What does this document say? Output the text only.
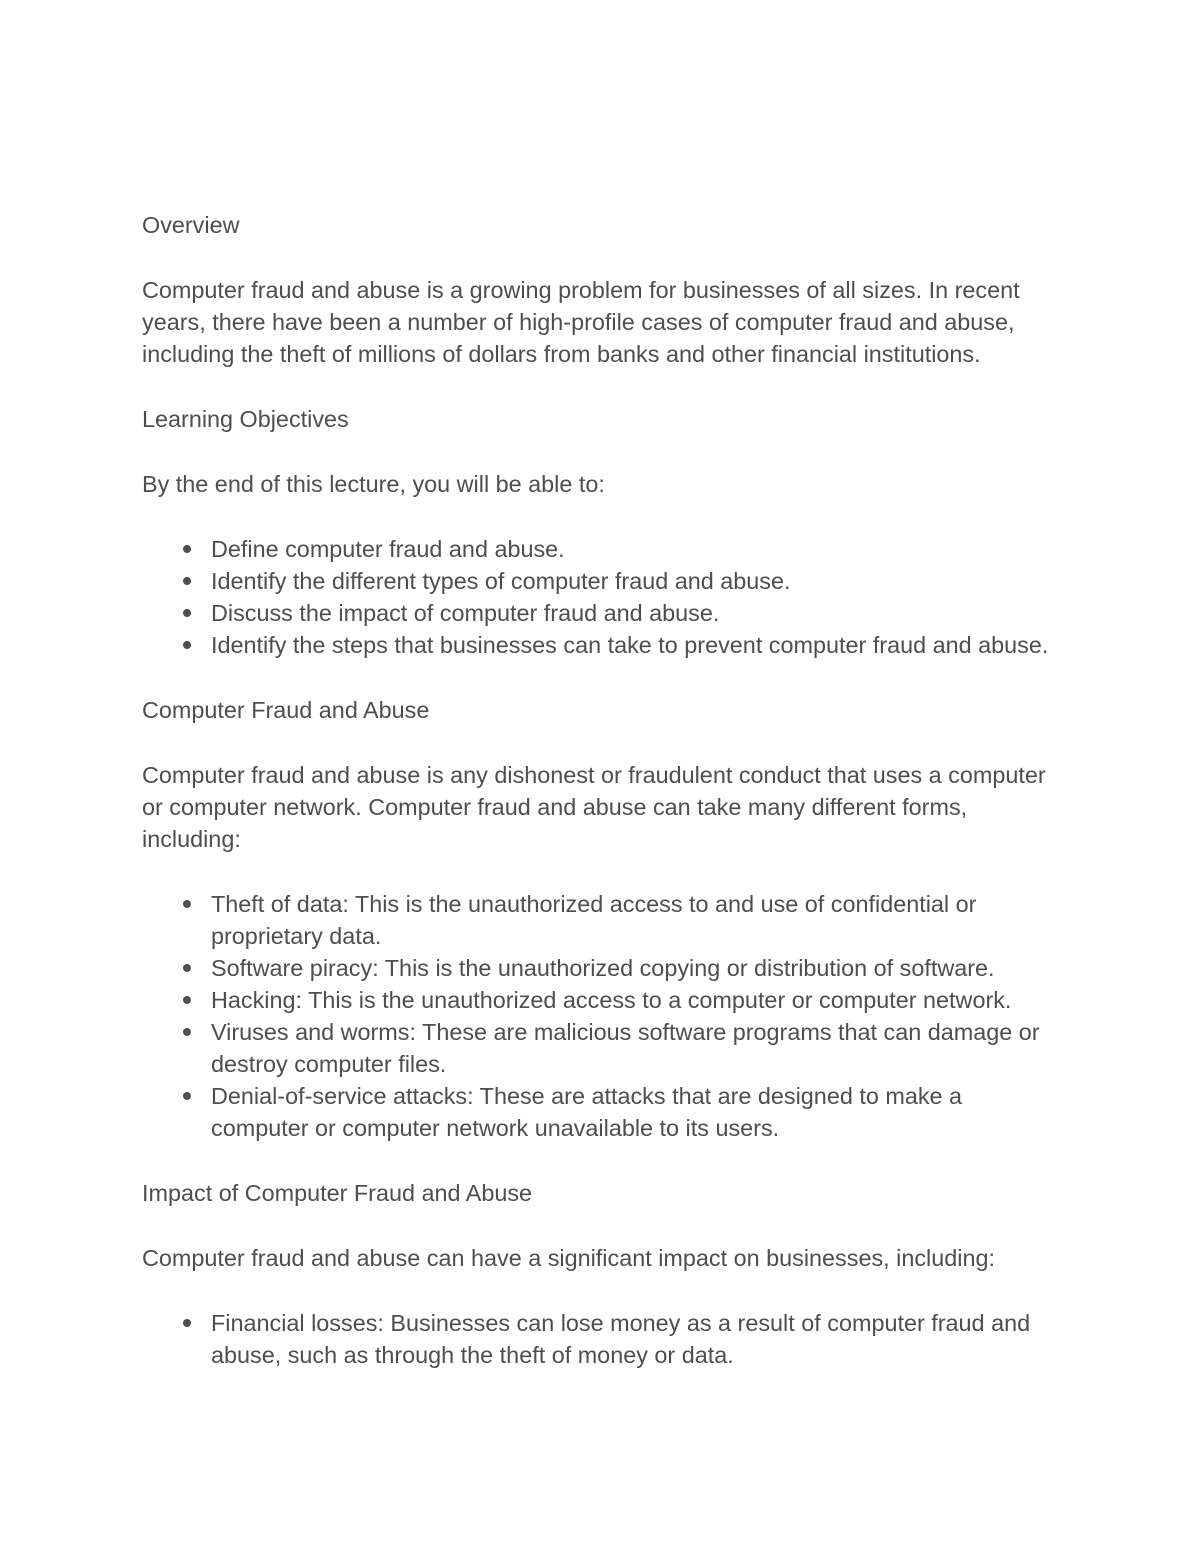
Overview

Computer fraud and abuse is a growing problem for businesses of all sizes. In recent
years, there have been a number of high-profile cases of computer fraud and abuse,
including the theft of millions of dollars from banks and other financial institutions.

Learning Objectives

By the end of this lecture, you will be able to:

Define computer fraud and abuse.
Identify the different types of computer fraud and abuse.
Discuss the impact of computer fraud and abuse.
Identify the steps that businesses can take to prevent computer fraud and abuse.
Computer Fraud and Abuse

Computer fraud and abuse is any dishonest or fraudulent conduct that uses a computer
or computer network. Computer fraud and abuse can take many different forms,
including:

Theft of data: This is the unauthorized access to and use of confidential or
proprietary data.
Software piracy: This is the unauthorized copying or distribution of software.
Hacking: This is the unauthorized access to a computer or computer network.
Viruses and worms: These are malicious software programs that can damage or
destroy computer files.
Denial-of-service attacks: These are attacks that are designed to make a
computer or computer network unavailable to its users.
Impact of Computer Fraud and Abuse

Computer fraud and abuse can have a significant impact on businesses, including:

Financial losses: Businesses can lose money as a result of computer fraud and
abuse, such as through the theft of money or data.
